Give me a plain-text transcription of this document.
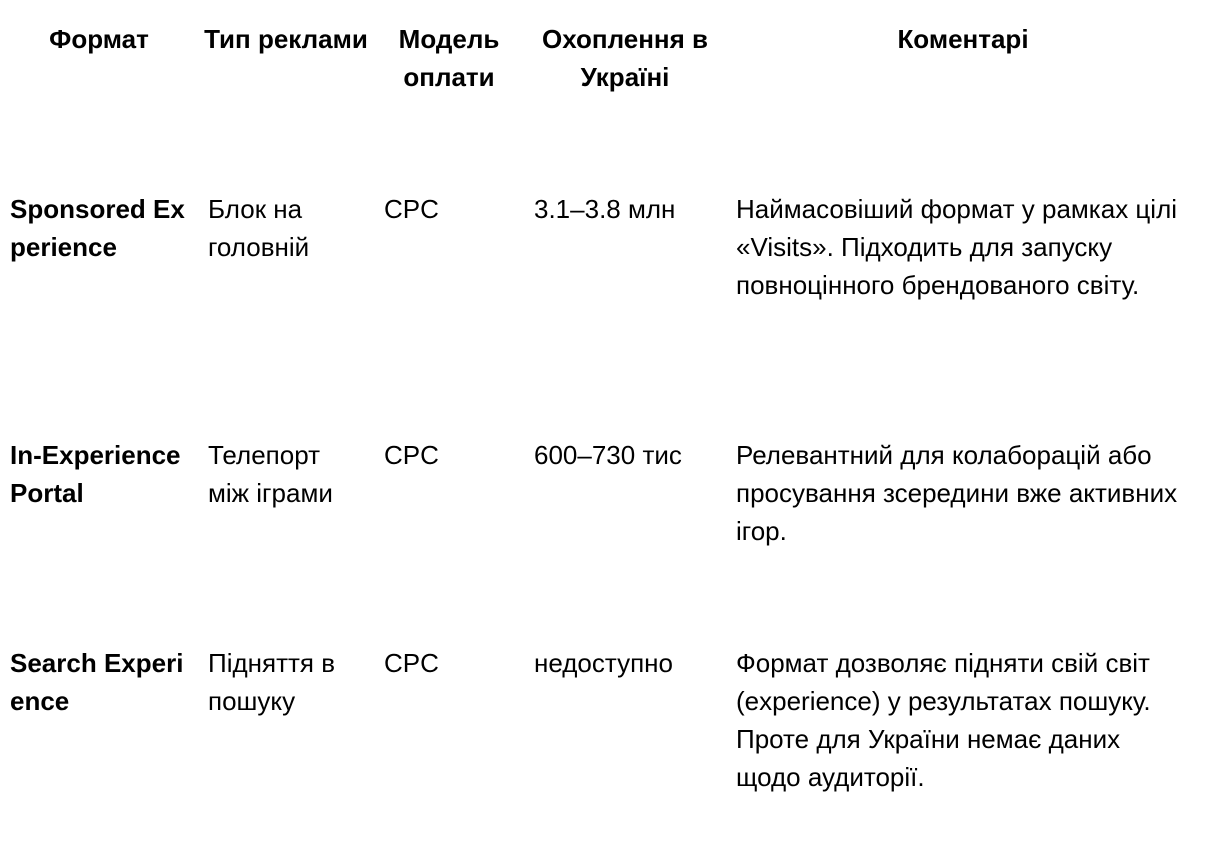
Формат	Тип реклами	Модель оплати	Охоплення в Україні	Коментарі
Sponsored Experience	Блок на головній	CPC	3.1–3.8 млн	Наймасовіший формат у рамках цілі «Visits». Підходить для запуску повноцінного брендованого світу.
In-Experience Portal	Телепорт між іграми	CPC	600–730 тис	Релевантний для колаборацій або просування зсередини вже активних ігор.
Search Experience	Підняття в пошуку	CPC	недоступно	Формат дозволяє підняти свій світ (experience) у результатах пошуку. Проте для України немає даних щодо аудиторії.
